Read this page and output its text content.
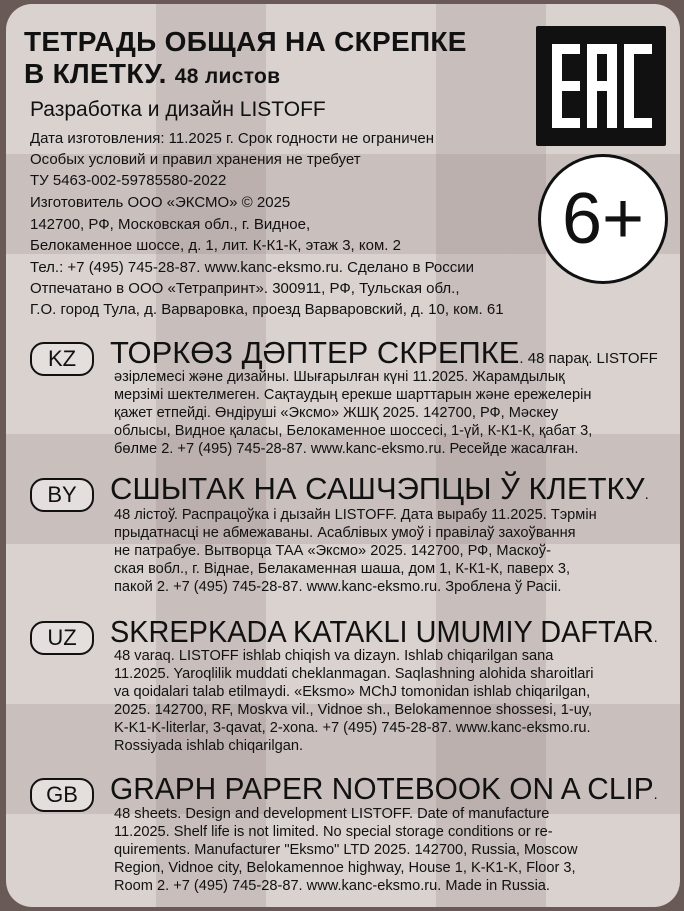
ТЕТРАДЬ ОБЩАЯ НА СКРЕПКЕ
В КЛЕТКУ. 48 листов
Разработка и дизайн LISTOFF
Дата изготовления: 11.2025 г. Срок годности не ограничен
Особых условий и правил хранения не требует
ТУ 5463-002-59785580-2022
Изготовитель ООО «ЭКСМО» © 2025
142700, РФ, Московская обл., г. Видное,
Белокаменное шоссе, д. 1, лит. К-К1-К, этаж 3, ком. 2
Тел.: +7 (495) 745-28-87. www.kanc-eksmo.ru. Сделано в России
Отпечатано в ООО «Тетрапринт». 300911, РФ, Тульская обл.,
Г.О. город Тула, д. Варваровка, проезд Варваровский, д. 10, ком. 61
6+
KZ	ТОРКӨЗ ДӘПТЕР СКРЕПКЕ. 48 парақ. LISTOFF
әзірлемесі және дизайны. Шығарылған күні 11.2025. Жарамдылық
мерзімі шектелмеген. Сақтаудың ерекше шарттарын және ережелерін
қажет етпейді. Өндіруші «Эксмо» ЖШҚ 2025. 142700, РФ, Мәскеу
облысы, Видное қаласы, Белокаменное шоссесі, 1-үй, К-К1-К, қабат 3,
бөлме 2. +7 (495) 745-28-87. www.kanc-eksmo.ru. Ресейде жасалған.
BY	СШЫТАК НА САШЧЭПЦЫ Ў КЛЕТКУ.
48 лістоў. Распрацоўка і дызайн LISTOFF. Дата вырабу 11.2025. Тэрмін
прыдатнасці не абмежаваны. Асаблівых умоў і правілаў захоўвання
не патрабуе. Вытворца ТАА «Эксмо» 2025. 142700, РФ, Маскоў-
ская вобл., г. Віднае, Белакаменная шаша, дом 1, К-К1-К, паверх 3,
пакой 2. +7 (495) 745-28-87. www.kanc-eksmo.ru. Зроблена ў Расіі.
UZ	SKREPKADA KATAKLI UMUMIY DAFTAR.
48 varaq. LISTOFF ishlab chiqish va dizayn. Ishlab chiqarilgan sana
11.2025. Yaroqlilik muddati cheklanmagan. Saqlashning alohida sharoitlari
va qoidalari talab etilmaydi. «Eksmo» MChJ tomonidan ishlab chiqarilgan,
2025. 142700, RF, Moskva vil., Vidnoe sh., Belokamennoe shossesi, 1-uy,
K-K1-K-literlar, 3-qavat, 2-xona. +7 (495) 745-28-87. www.kanc-eksmo.ru.
Rossiyada ishlab chiqarilgan.
GB	GRAPH PAPER NOTEBOOK ON A CLIP.
48 sheets. Design and development LISTOFF. Date of manufacture
11.2025. Shelf life is not limited. No special storage conditions or re-
quirements. Manufacturer "Eksmo" LTD 2025. 142700, Russia, Moscow
Region, Vidnoe city, Belokamennoe highway, House 1, K-K1-K, Floor 3,
Room 2. +7 (495) 745-28-87. www.kanc-eksmo.ru. Made in Russia.
